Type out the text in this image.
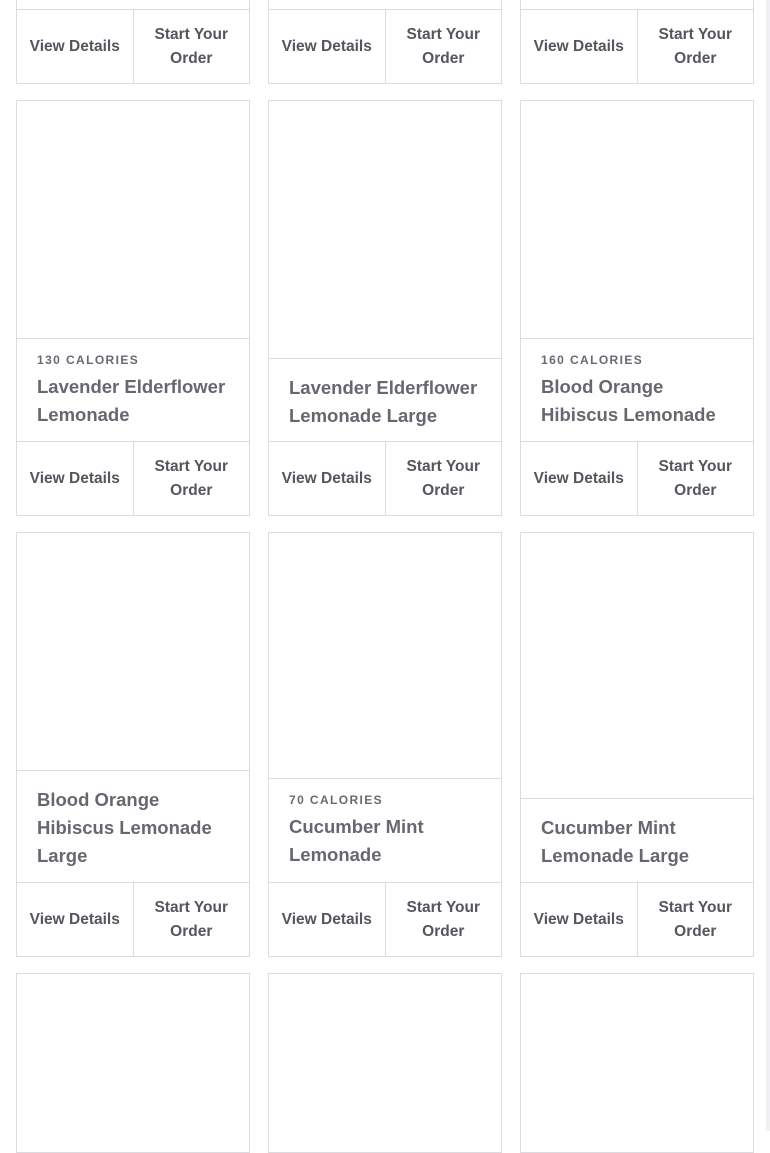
View Details
Start Your
Order
View Details
Start Your
Order
View Details
Start Your
Order
130 CALORIES
Lavender Elderflower
Lemonade
View Details
Start Your
Order
Lavender Elderflower
Lemonade Large
View Details
Start Your
Order
160 CALORIES
Blood Orange
Hibiscus Lemonade
View Details
Start Your
Order
Blood Orange
Hibiscus Lemonade
Large
View Details
Start Your
Order
70 CALORIES
Cucumber Mint
Lemonade
View Details
Start Your
Order
Cucumber Mint
Lemonade Large
View Details
Start Your
Order
